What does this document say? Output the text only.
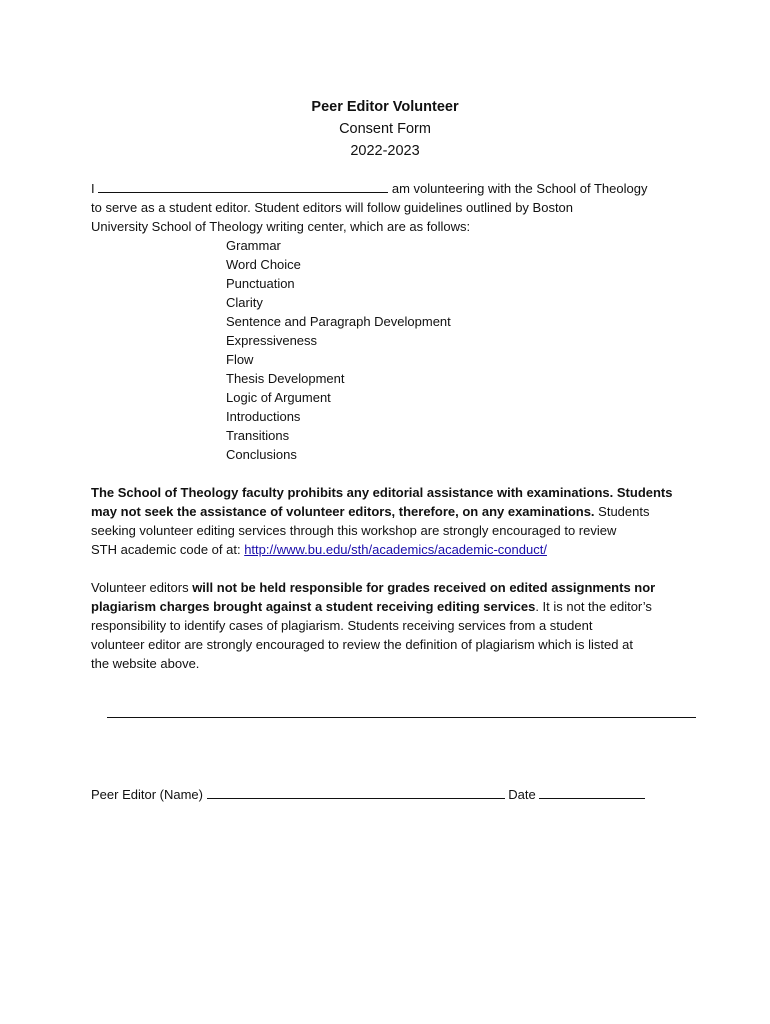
Peer Editor Volunteer
Consent Form
2022-2023
I	am volunteering with the School of Theology
to serve as a student editor. Student editors will follow guidelines outlined by Boston
University School of Theology writing center, which are as follows:
Grammar
Word Choice
Punctuation
Clarity
Sentence and Paragraph Development
Expressiveness
Flow
Thesis Development
Logic of Argument
Introductions
Transitions
Conclusions
The School of Theology faculty prohibits any editorial assistance with examinations. Students
may not seek the assistance of volunteer editors, therefore, on any examinations. Students
seeking volunteer editing services through this workshop are strongly encouraged to review
STH academic code of at: http://www.bu.edu/sth/academics/academic-conduct/
Volunteer editors will not be held responsible for grades received on edited assignments nor
plagiarism charges brought against a student receiving editing services. It is not the editor’s
responsibility to identify cases of plagiarism. Students receiving services from a student
volunteer editor are strongly encouraged to review the definition of plagiarism which is listed at
the website above.
Peer Editor (Name)	Date
